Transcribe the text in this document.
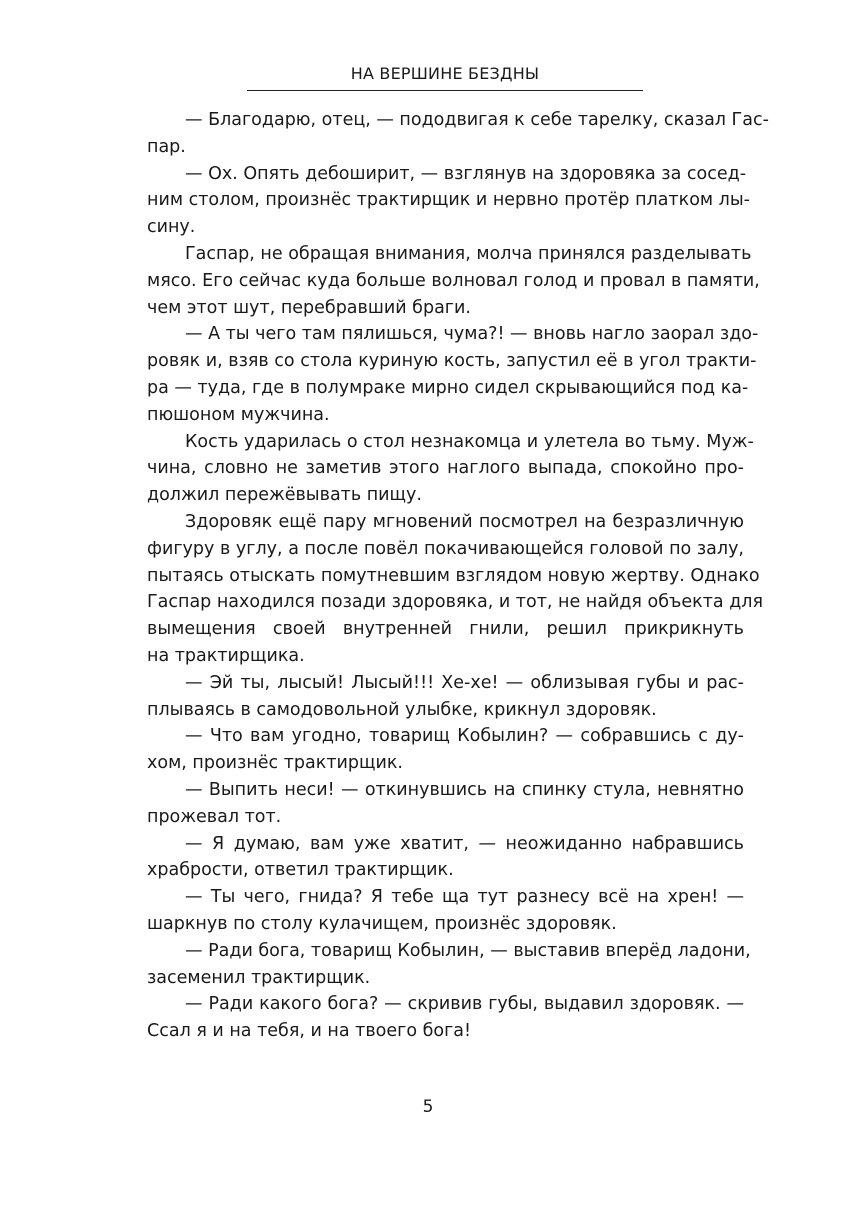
НА ВЕРШИНЕ БЕЗДНЫ
— Благодарю, отец, — пододвигая к себе тарелку, сказал Гас-
пар.
— Ох. Опять дебоширит, — взглянув на здоровяка за сосед-
ним столом, произнёс трактирщик и нервно протёр платком лы-
сину.
Гаспар, не обращая внимания, молча принялся разделывать
мясо. Его сейчас куда больше волновал голод и провал в памяти,
чем этот шут, перебравший браги.
— А ты чего там пялишься, чума?! — вновь нагло заорал здо-
ровяк и, взяв со стола куриную кость, запустил её в угол тракти-
ра — туда, где в полумраке мирно сидел скрывающийся под ка-
пюшоном мужчина.
Кость ударилась о стол незнакомца и улетела во тьму. Муж-
чина, словно не заметив этого наглого выпада, спокойно про-
должил пережёвывать пищу.
Здоровяк ещё пару мгновений посмотрел на безразличную
фигуру в углу, а после повёл покачивающейся головой по залу,
пытаясь отыскать помутневшим взглядом новую жертву. Однако
Гаспар находился позади здоровяка, и тот, не найдя объекта для
вымещения своей внутренней гнили, решил прикрикнуть
на трактирщика.
— Эй ты, лысый! Лысый!!! Хе-хе! — облизывая губы и рас-
плываясь в самодовольной улыбке, крикнул здоровяк.
— Что вам угодно, товарищ Кобылин? — собравшись с ду-
хом, произнёс трактирщик.
— Выпить неси! — откинувшись на спинку стула, невнятно
прожевал тот.
— Я думаю, вам уже хватит, — неожиданно набравшись
храбрости, ответил трактирщик.
— Ты чего, гнида? Я тебе ща тут разнесу всё на хрен! —
шаркнув по столу кулачищем, произнёс здоровяк.
— Ради бога, товарищ Кобылин, — выставив вперёд ладони,
засеменил трактирщик.
— Ради какого бога? — скривив губы, выдавил здоровяк. —
Ссал я и на тебя, и на твоего бога!
5
